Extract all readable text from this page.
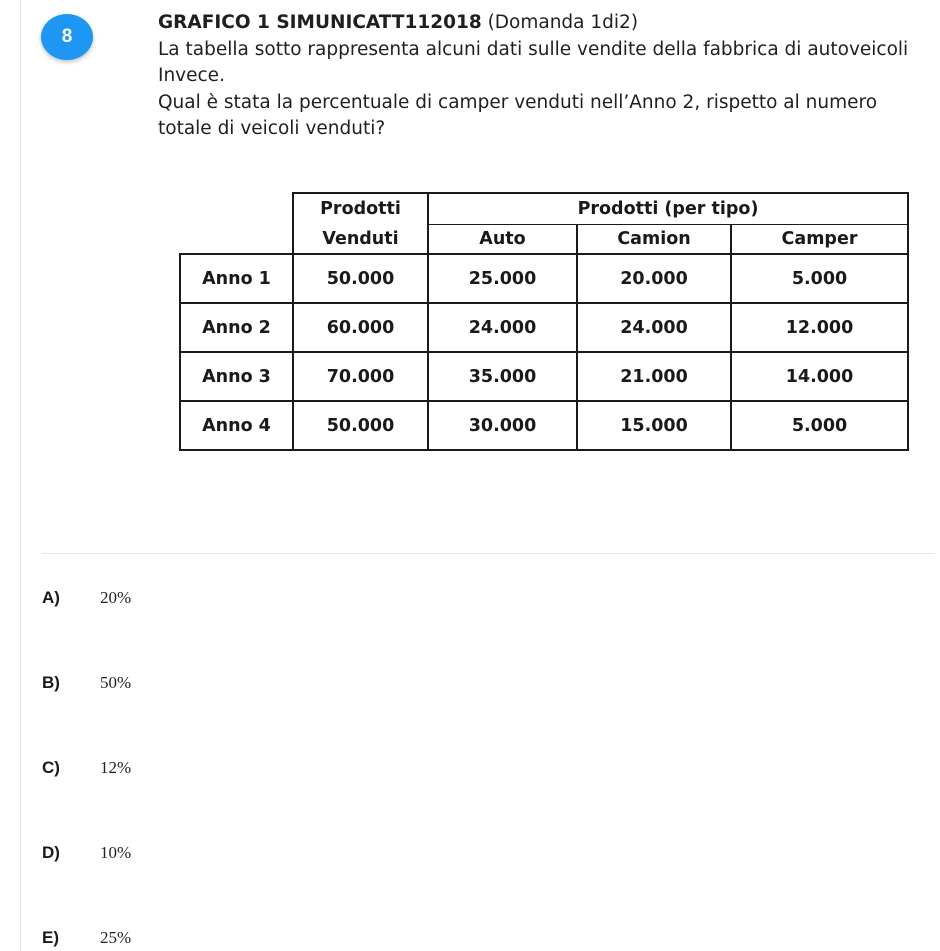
8
GRAFICO 1 SIMUNICATT112018 (Domanda 1di2)
La tabella sotto rappresenta alcuni dati sulle vendite della fabbrica di autoveicoli Invece.
Qual è stata la percentuale di camper venduti nell’Anno 2, rispetto al numero totale di veicoli venduti?
	Prodotti	Prodotti (per tipo)		
	Venduti	Auto	Camion	Camper
Anno 1	50.000	25.000	20.000	5.000
Anno 2	60.000	24.000	24.000	12.000
Anno 3	70.000	35.000	21.000	14.000
Anno 4	50.000	30.000	15.000	5.000
A)	20%
B)	50%
C)	12%
D)	10%
E)	25%
